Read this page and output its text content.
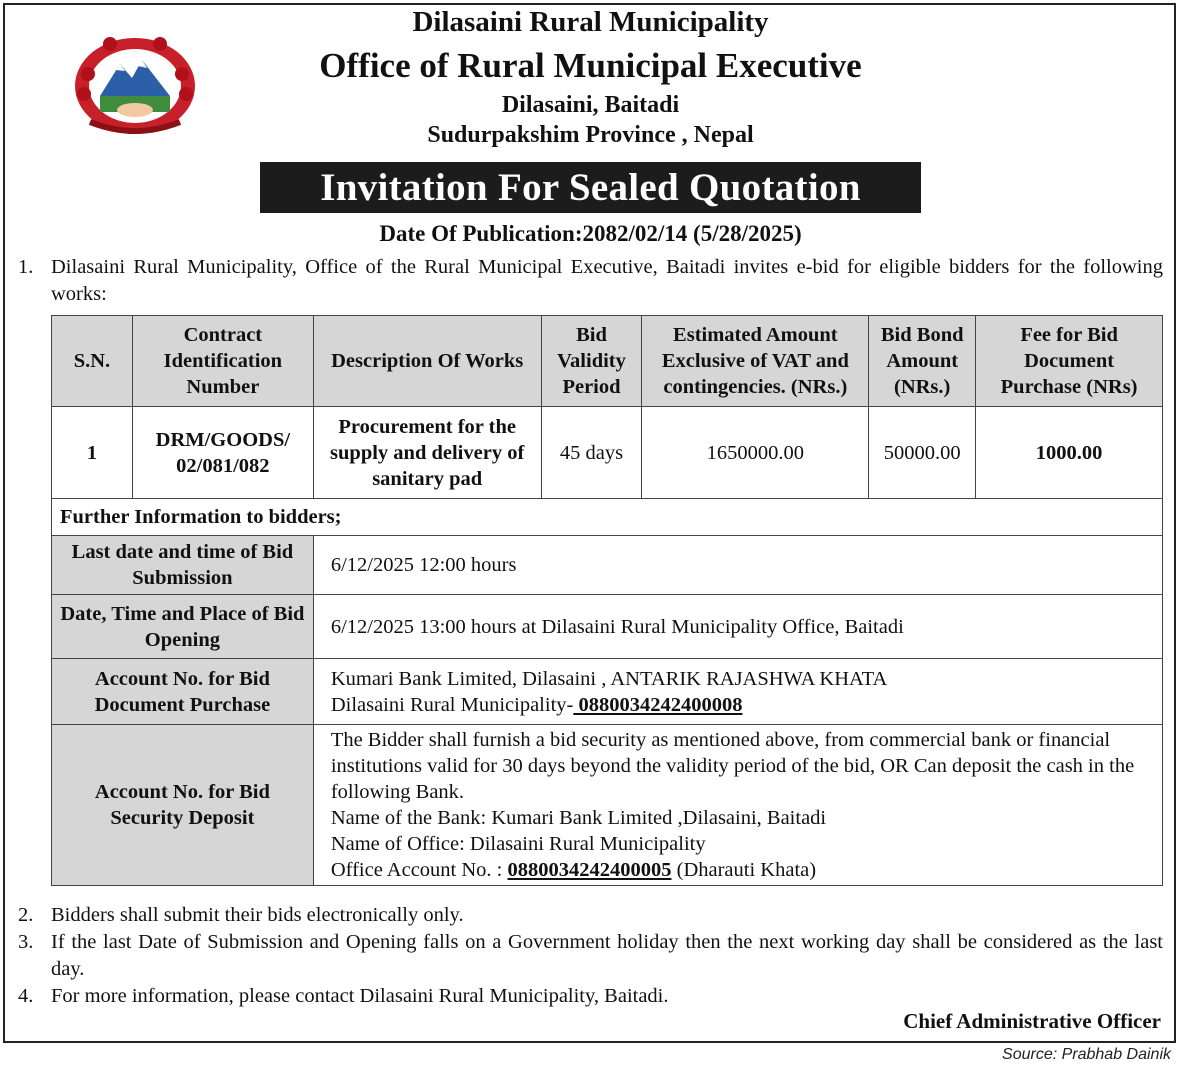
Dilasaini Rural Municipality
Office of Rural Municipal Executive
Dilasaini, Baitadi
Sudurpakshim Province , Nepal
Invitation For Sealed Quotation
Date Of Publication:2082/02/14 (5/28/2025)
1. Dilasaini Rural Municipality, Office of the Rural Municipal Executive, Baitadi invites e-bid for eligible bidders for the following works:
S.N.	Contract Identification Number	Description Of Works	Bid Validity Period	Estimated Amount Exclusive of VAT and contingencies. (NRs.)	Bid Bond Amount (NRs.)	Fee for Bid Document Purchase (NRs)
1	DRM/GOODS/ 02/081/082	Procurement for the supply and delivery of sanitary pad	45 days	1650000.00	50000.00	1000.00
Further Information to bidders;						
Last date and time of Bid Submission		6/12/2025 12:00 hours				
Date, Time and Place of Bid Opening		6/12/2025 13:00 hours at Dilasaini Rural Municipality Office, Baitadi				
Account No. for Bid Document Purchase		Kumari Bank Limited, Dilasaini , ANTARIK RAJASHWA KHATA
Dilasaini Rural Municipality- 0880034242400008				

Account No. for Bid Security Deposit		The Bidder shall furnish a bid security as mentioned above, from commercial bank or financial institutions valid for 30 days beyond the validity period of the bid, OR Can deposit the cash in the following Bank.
Name of the Bank: Kumari Bank Limited ,Dilasaini, Baitadi
Name of Office: Dilasaini Rural Municipality
Office Account No. : 0880034242400005 (Dharauti Khata)				
2. Bidders shall submit their bids electronically only.
3. If the last Date of Submission and Opening falls on a Government holiday then the next working day shall be considered as the last day.
4. For more information, please contact Dilasaini Rural Municipality, Baitadi.
Chief Administrative Officer
Source: Prabhab Dainik
